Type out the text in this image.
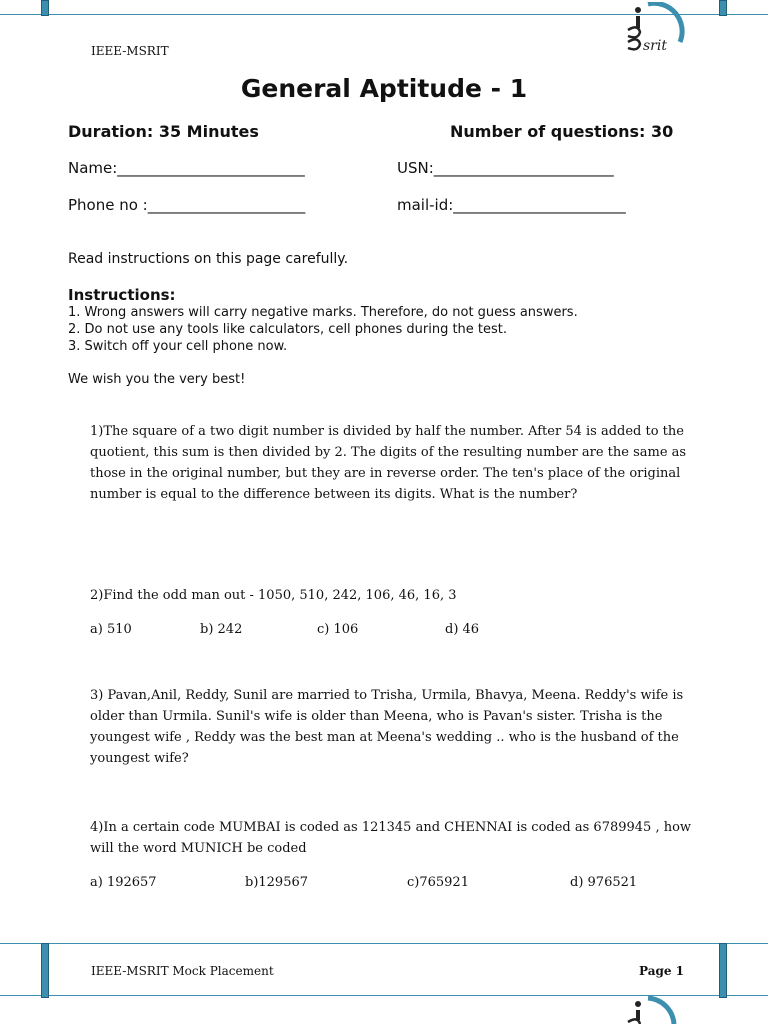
IEEE-MSRIT	srit
General Aptitude - 1
Duration: 35 Minutes	Number of questions: 30
Name:_________________________	USN:________________________
Phone no :_____________________	mail-id:_______________________
Read instructions on this page carefully.
Instructions:
1. Wrong answers will carry negative marks. Therefore, do not guess answers.
2. Do not use any tools like calculators, cell phones during the test.
3. Switch off your cell phone now.
We wish you the very best!
1)The square of a two digit number is divided by half the number. After 54 is added to the
quotient, this sum is then divided by 2. The digits of the resulting number are the same as
those in the original number, but they are in reverse order. The ten's place of the original
number is equal to the difference between its digits. What is the number?
2)Find the odd man out - 1050, 510, 242, 106, 46, 16, 3
a) 510	b) 242	c) 106	d) 46
3) Pavan,Anil, Reddy, Sunil are married to Trisha, Urmila, Bhavya, Meena. Reddy's wife is
older than Urmila. Sunil's wife is older than Meena, who is Pavan's sister. Trisha is the
youngest wife , Reddy was the best man at Meena's wedding .. who is the husband of the
youngest wife?
4)In a certain code MUMBAI is coded as 121345 and CHENNAI is coded as 6789945 , how
will the word MUNICH be coded
a) 192657	b)129567	c)765921	d) 976521
IEEE-MSRIT Mock Placement	Page 1
